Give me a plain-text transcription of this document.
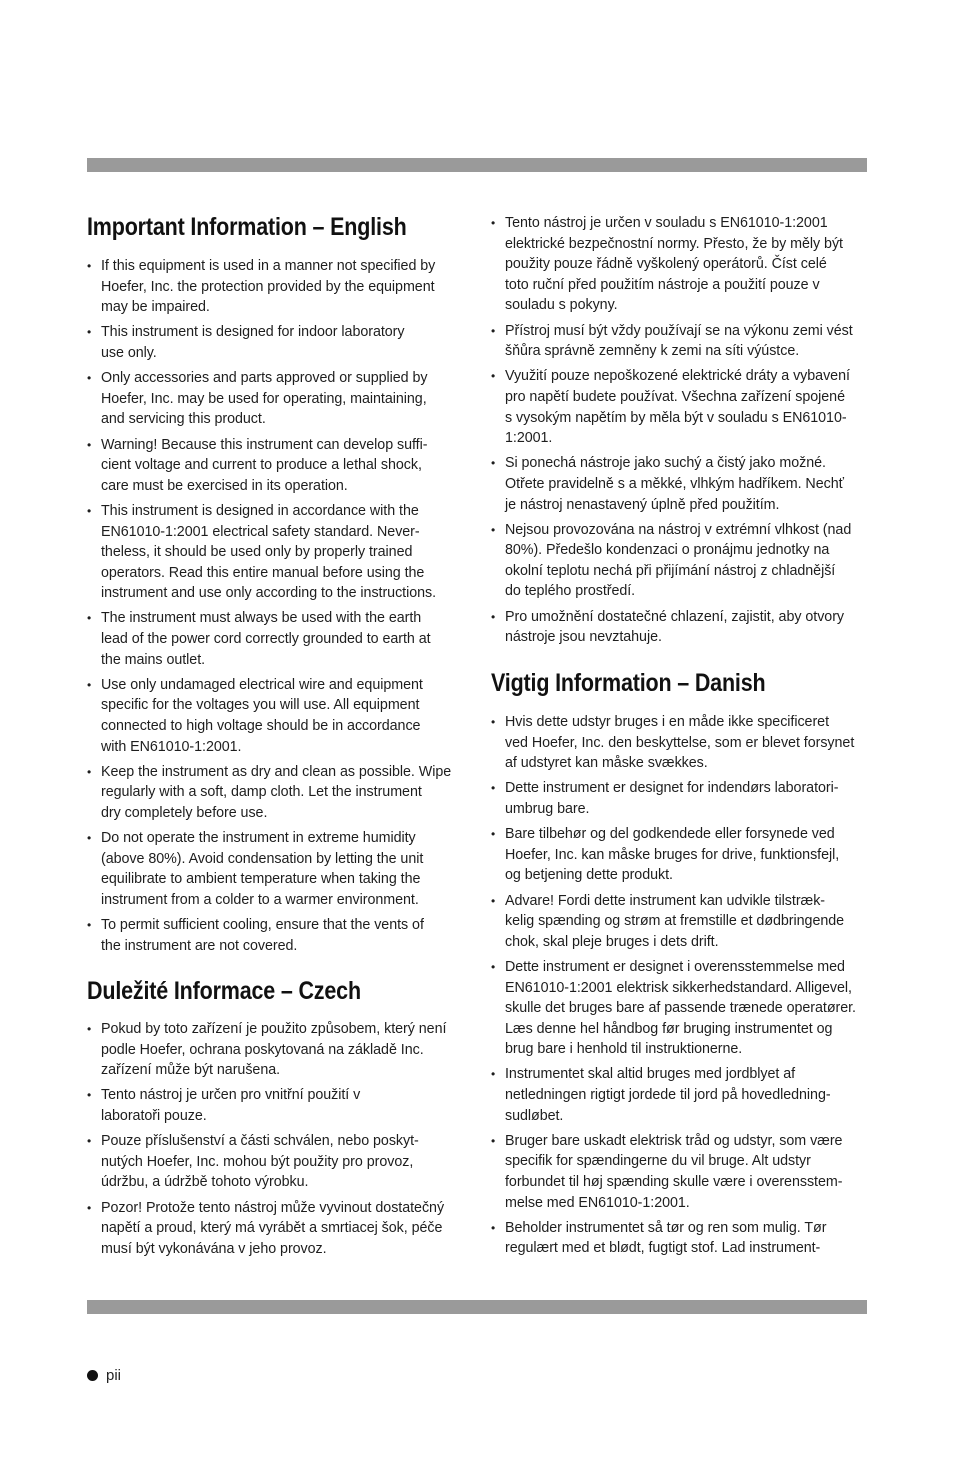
Important Information – English
• If this equipment is used in a manner not specified by
Hoefer, Inc. the protection provided by the equipment
may be impaired.
• This instrument is designed for indoor laboratory
use only.
• Only accessories and parts approved or supplied by
Hoefer, Inc. may be used for operating, maintaining,
and servicing this product.
• Warning! Because this instrument can develop suffi-
cient voltage and current to produce a lethal shock,
care must be exercised in its operation.
• This instrument is designed in accordance with the
EN61010-1:2001 electrical safety standard. Never-
theless, it should be used only by properly trained
operators. Read this entire manual before using the
instrument and use only according to the instructions.
• The instrument must always be used with the earth
lead of the power cord correctly grounded to earth at
the mains outlet.
• Use only undamaged electrical wire and equipment
specific for the voltages you will use. All equipment
connected to high voltage should be in accordance
with EN61010-1:2001.
• Keep the instrument as dry and clean as possible. Wipe
regularly with a soft, damp cloth. Let the instrument
dry completely before use.
• Do not operate the instrument in extreme humidity
(above 80%). Avoid condensation by letting the unit
equilibrate to ambient temperature when taking the
instrument from a colder to a warmer environment.
• To permit sufficient cooling, ensure that the vents of
the instrument are not covered.
Duležité Informace – Czech
• Pokud by toto zařízení je použito způsobem, který není
podle Hoefer, ochrana poskytovaná na základě Inc.
zařízení může být narušena.
• Tento nástroj je určen pro vnitřní použití v
laboratoři pouze.
• Pouze příslušenství a části schválen, nebo poskyt-
nutých Hoefer, Inc. mohou být použity pro provoz,
údržbu, a údržbě tohoto výrobku.
• Pozor! Protože tento nástroj může vyvinout dostatečný
napětí a proud, který má vyrábět a smrtiacej šok, péče
musí být vykonávána v jeho provoz.
• Tento nástroj je určen v souladu s EN61010-1:2001
elektrické bezpečnostní normy. Přesto, že by měly být
použity pouze řádně vyškolený operátorů. Číst celé
toto ruční před použitím nástroje a použití pouze v
souladu s pokyny.
• Přístroj musí být vždy používají se na výkonu zemi vést
šňůra správně zemněny k zemi na síti výústce.
• Využití pouze nepoškozené elektrické dráty a vybavení
pro napětí budete používat. Všechna zařízení spojené
s vysokým napětím by měla být v souladu s EN61010-
1:2001.
• Si ponechá nástroje jako suchý a čistý jako možné.
Otřete pravidelně s a měkké, vlhkým hadříkem. Nechť
je nástroj nenastavený úplně před použitím.
• Nejsou provozována na nástroj v extrémní vlhkost (nad
80%). Předešlo kondenzaci o pronájmu jednotky na
okolní teplotu nechá při přijímání nástroj z chladnější
do teplého prostředí.
• Pro umožnění dostatečné chlazení, zajistit, aby otvory
nástroje jsou nevztahuje.
Vigtig Information – Danish
• Hvis dette udstyr bruges i en måde ikke specificeret
ved Hoefer, Inc. den beskyttelse, som er blevet forsynet
af udstyret kan måske svækkes.
• Dette instrument er designet for indendørs laboratori-
umbrug bare.
• Bare tilbehør og del godkendede eller forsynede ved
Hoefer, Inc. kan måske bruges for drive, funktionsfejl,
og betjening dette produkt.
• Advare! Fordi dette instrument kan udvikle tilstræk-
kelig spænding og strøm at fremstille et dødbringende
chok, skal pleje bruges i dets drift.
• Dette instrument er designet i overensstemmelse med
EN61010-1:2001 elektrisk sikkerhedstandard. Alligevel,
skulle det bruges bare af passende trænede operatører.
Læs denne hel håndbog før bruging instrumentet og
brug bare i henhold til instruktionerne.
• Instrumentet skal altid bruges med jordblyet af
netledningen rigtigt jordede til jord på hovedledning-
sudløbet.
• Bruger bare uskadt elektrisk tråd og udstyr, som være
specifik for spændingerne du vil bruge. Alt udstyr
forbundet til høj spænding skulle være i overensstem-
melse med EN61010-1:2001.
• Beholder instrumentet så tør og ren som mulig. Tør
regulært med et blødt, fugtigt stof. Lad instrument-
pii
